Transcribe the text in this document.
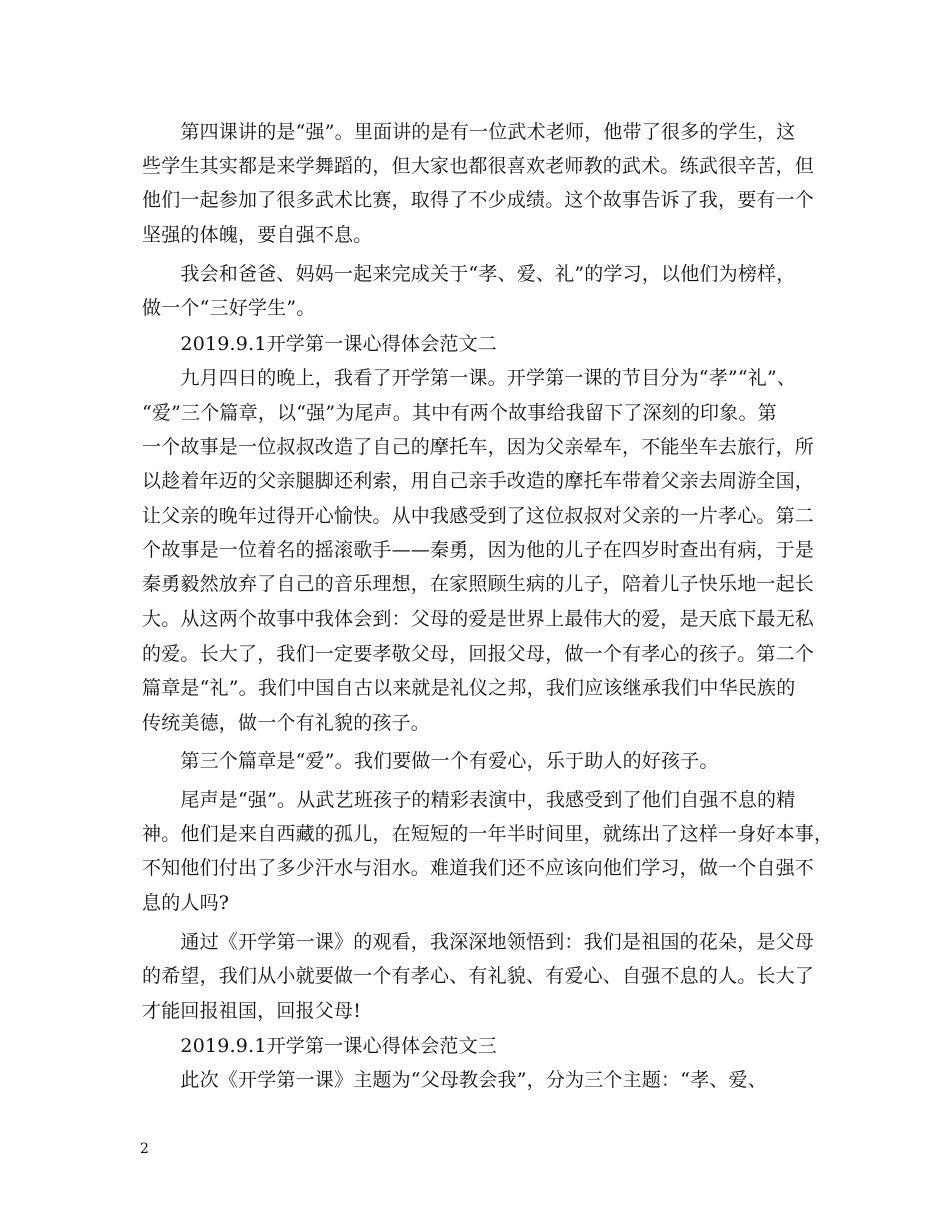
　　第四课讲的是“强”。里面讲的是有一位武术老师，他带了很多的学生，这
些学生其实都是来学舞蹈的，但大家也都很喜欢老师教的武术。练武很辛苦，但
他们一起参加了很多武术比赛，取得了不少成绩。这个故事告诉了我，要有一个
坚强的体魄，要自强不息。
　　我会和爸爸、妈妈一起来完成关于“孝、爱、礼”的学习，以他们为榜样，
做一个“三好学生”。
　　2019.9.1开学第一课心得体会范文二
　　九月四日的晚上，我看了开学第一课。开学第一课的节目分为“孝”“礼”、
“爱”三个篇章，以“强”为尾声。其中有两个故事给我留下了深刻的印象。第
一个故事是一位叔叔改造了自己的摩托车，因为父亲晕车，不能坐车去旅行，所
以趁着年迈的父亲腿脚还利索，用自己亲手改造的摩托车带着父亲去周游全国，
让父亲的晚年过得开心愉快。从中我感受到了这位叔叔对父亲的一片孝心。第二
个故事是一位着名的摇滚歌手——秦勇，因为他的儿子在四岁时查出有病，于是
秦勇毅然放弃了自己的音乐理想，在家照顾生病的儿子，陪着儿子快乐地一起长
大。从这两个故事中我体会到：父母的爱是世界上最伟大的爱，是天底下最无私
的爱。长大了，我们一定要孝敬父母，回报父母，做一个有孝心的孩子。第二个
篇章是“礼”。我们中国自古以来就是礼仪之邦，我们应该继承我们中华民族的
传统美德，做一个有礼貌的孩子。
　　第三个篇章是“爱”。我们要做一个有爱心，乐于助人的好孩子。
　　尾声是“强”。从武艺班孩子的精彩表演中，我感受到了他们自强不息的精
神。他们是来自西藏的孤儿，在短短的一年半时间里，就练出了这样一身好本事，
不知他们付出了多少汗水与泪水。难道我们还不应该向他们学习，做一个自强不
息的人吗?
　　通过《开学第一课》的观看，我深深地领悟到：我们是祖国的花朵，是父母
的希望，我们从小就要做一个有孝心、有礼貌、有爱心、自强不息的人。长大了
才能回报祖国，回报父母!
　　2019.9.1开学第一课心得体会范文三
　　此次《开学第一课》主题为“父母教会我”，分为三个主题：“孝、爱、
2
